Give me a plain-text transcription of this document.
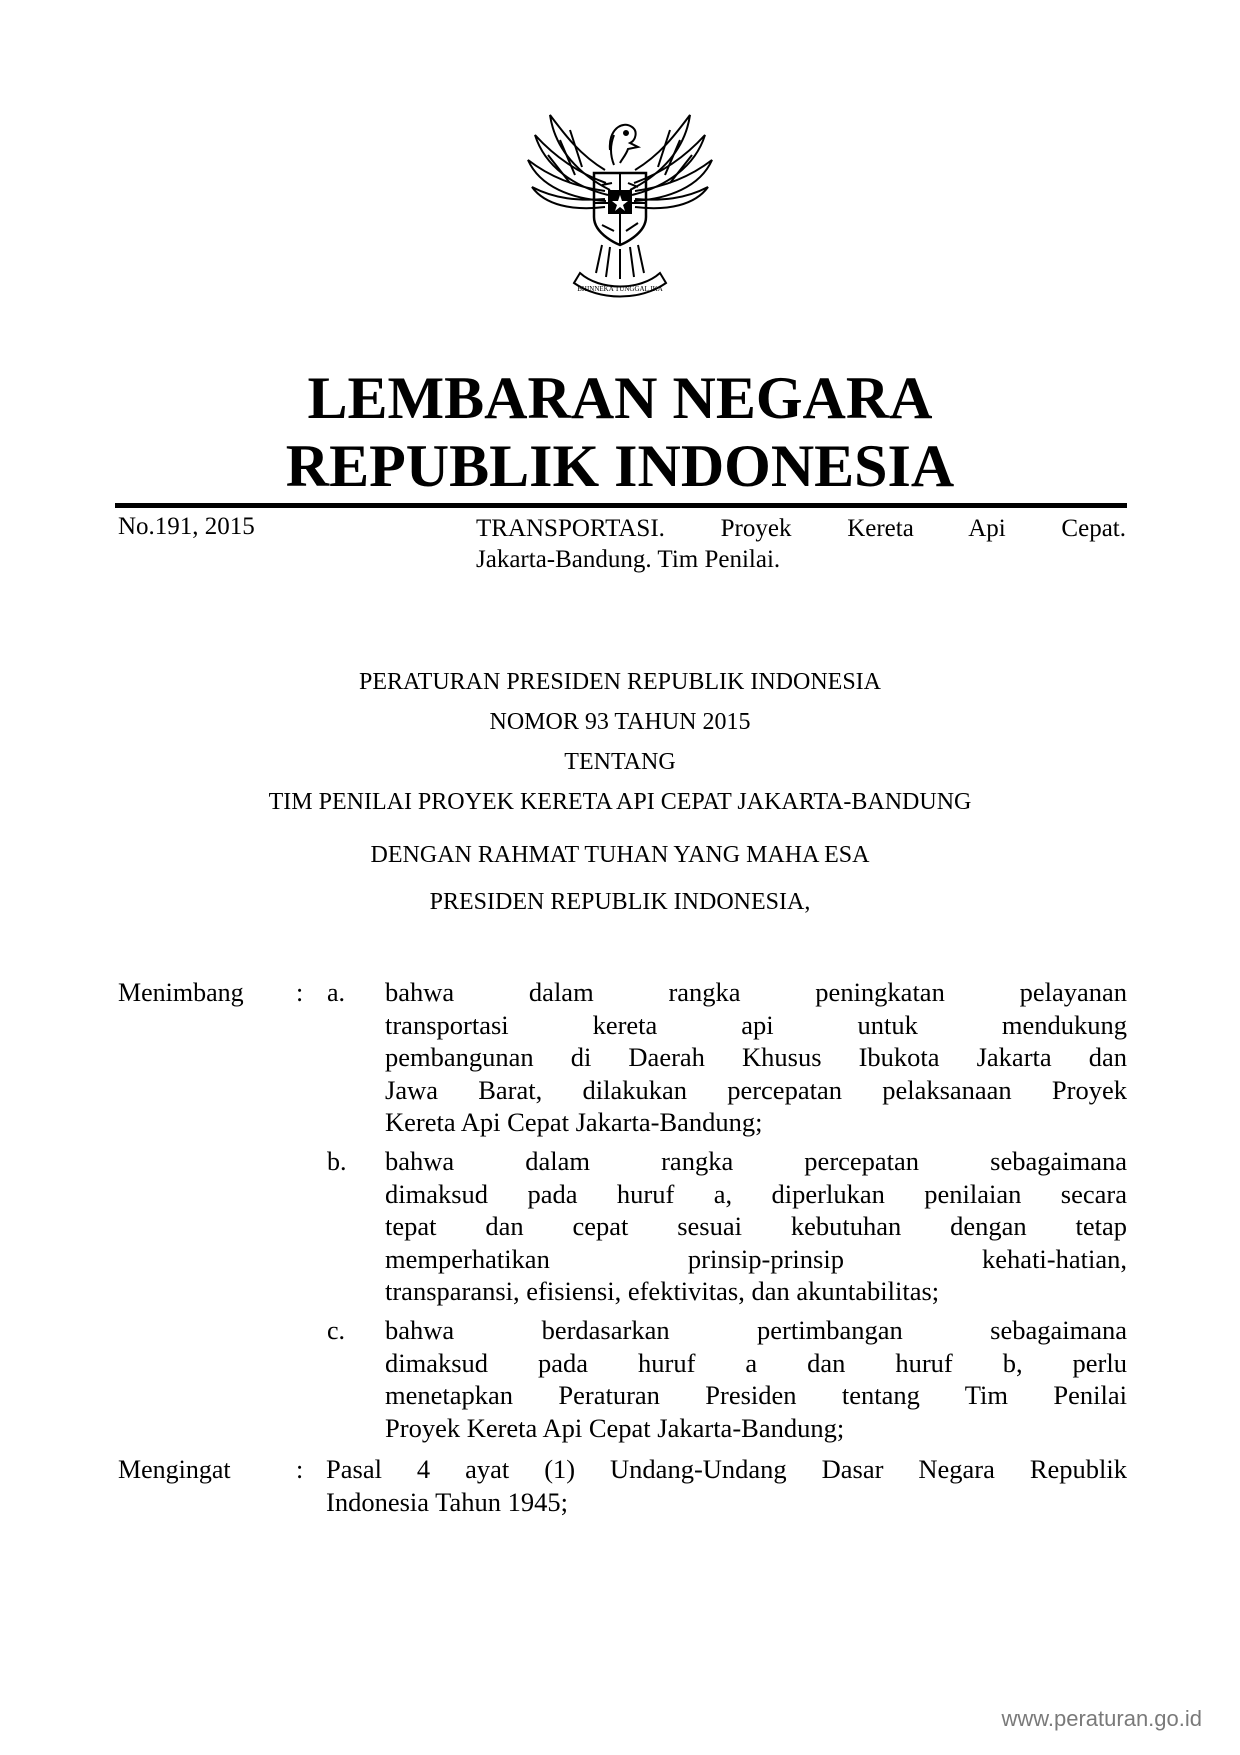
BHINNEKA TUNGGAL IKA
LEMBARAN NEGARA
REPUBLIK INDONESIA
No.191, 2015	TRANSPORTASI. Proyek Kereta Api Cepat.
Jakarta-Bandung. Tim Penilai.
PERATURAN PRESIDEN REPUBLIK INDONESIA
NOMOR 93 TAHUN 2015
TENTANG
TIM PENILAI PROYEK KERETA API CEPAT JAKARTA-BANDUNG
DENGAN RAHMAT TUHAN YANG MAHA ESA
PRESIDEN REPUBLIK INDONESIA,
Menimbang : a. bahwa dalam rangka peningkatan pelayanan
transportasi kereta api untuk mendukung
pembangunan di Daerah Khusus Ibukota Jakarta dan
Jawa Barat, dilakukan percepatan pelaksanaan Proyek
Kereta Api Cepat Jakarta-Bandung;
b. bahwa dalam rangka percepatan sebagaimana
dimaksud pada huruf a, diperlukan penilaian secara
tepat dan cepat sesuai kebutuhan dengan tetap
memperhatikan prinsip-prinsip kehati-hatian,
transparansi, efisiensi, efektivitas, dan akuntabilitas;
c. bahwa berdasarkan pertimbangan sebagaimana
dimaksud pada huruf a dan huruf b, perlu
menetapkan Peraturan Presiden tentang Tim Penilai
Proyek Kereta Api Cepat Jakarta-Bandung;
Mengingat	: Pasal 4 ayat (1) Undang-Undang Dasar Negara Republik
Indonesia Tahun 1945;
www.peraturan.go.id
